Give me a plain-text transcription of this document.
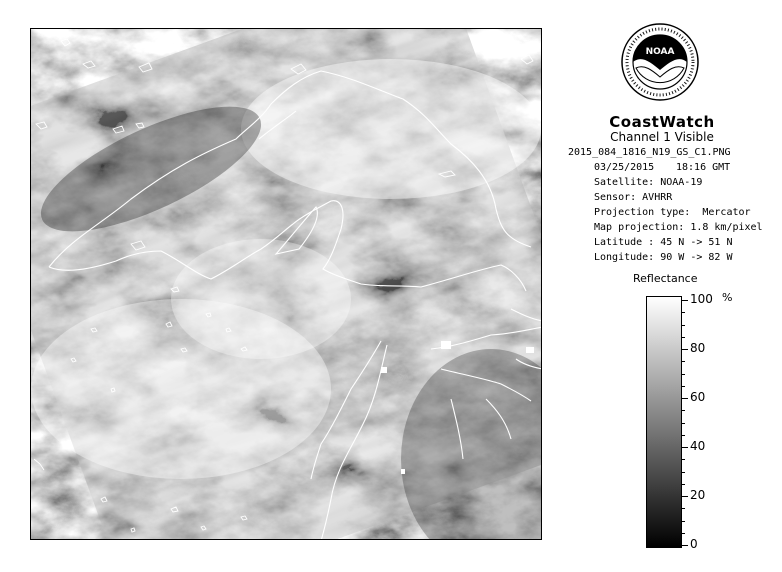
NOAA
CoastWatch
Channel 1 Visible
2015_084_1816_N19_GS_C1.PNG
03/25/2015 18:16 GMT
Satellite: NOAA-19
Sensor: AVHRR
Projection type:  Mercator
Map projection: 1.8 km/pixel
Latitude : 45 N -> 51 N
Longitude: 90 W -> 82 W
Reflectance
%
100
80
60
40
20
0
